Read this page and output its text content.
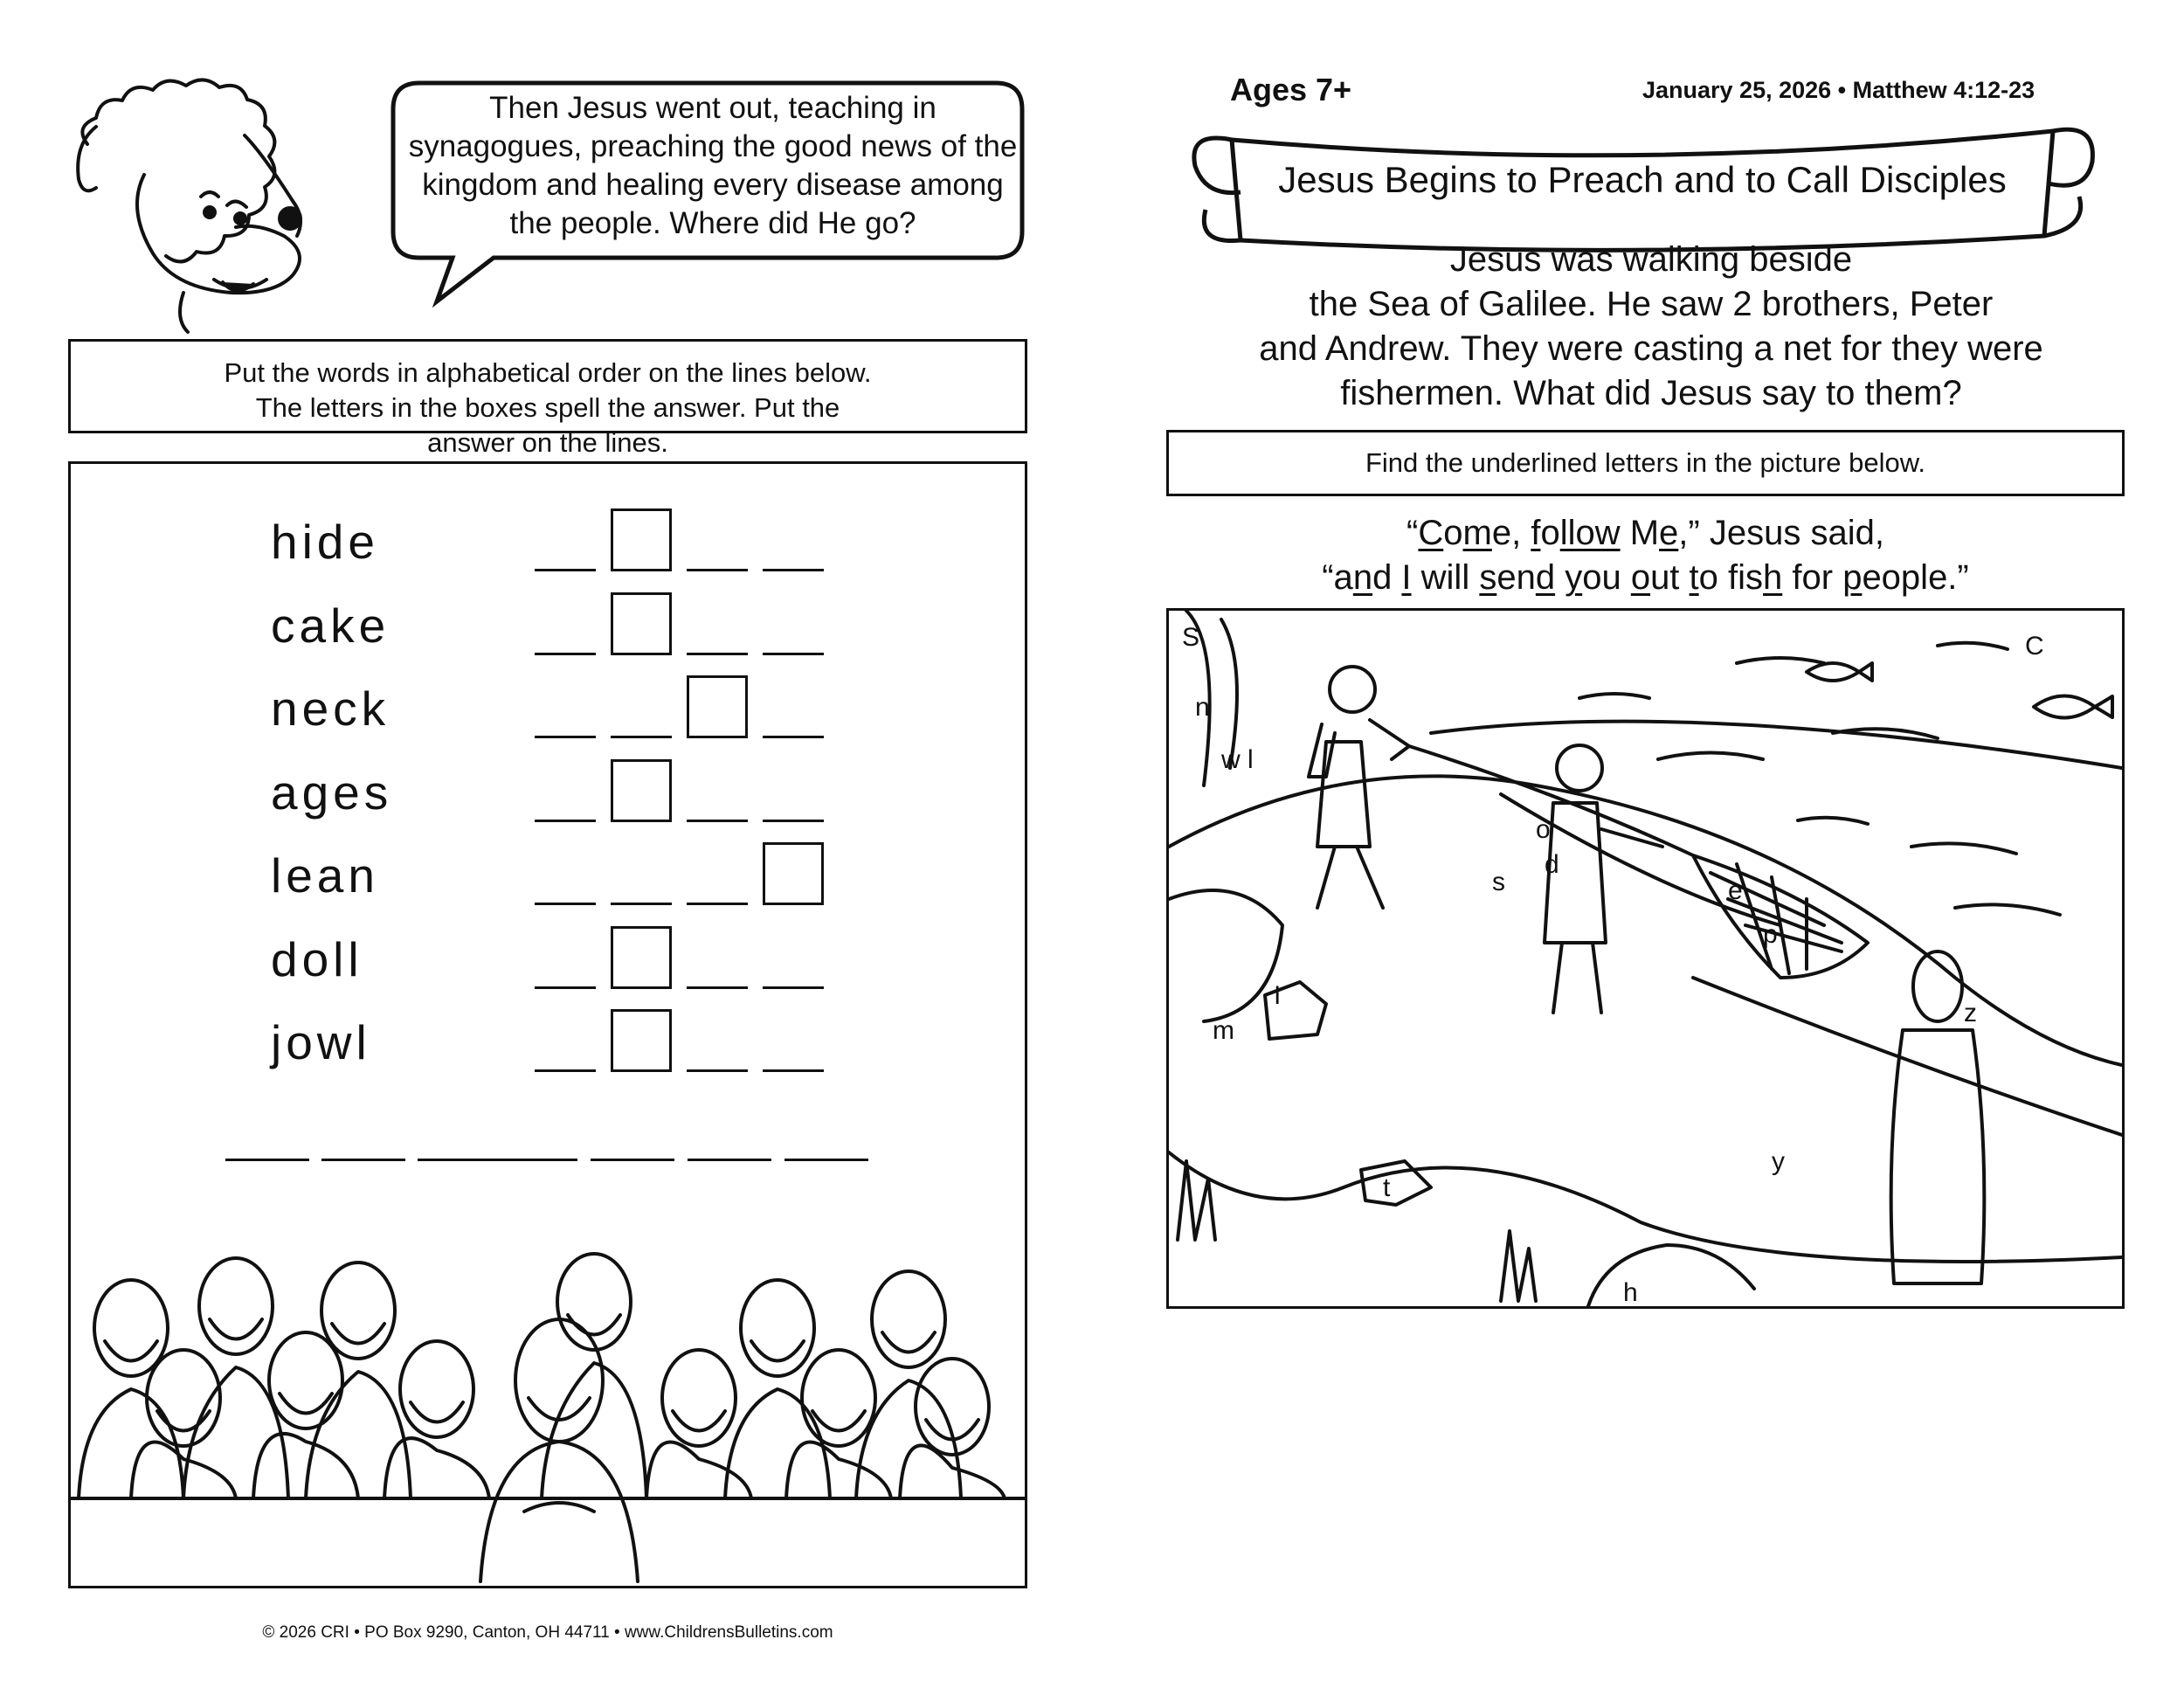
Then Jesus went out, teaching in synagogues, preaching the good news of the kingdom and healing every disease among the people. Where did He go?
Put the words in alphabetical order on the lines below. The letters in the boxes spell the answer. Put the answer on the lines.
hide
cake
neck
ages
lean
doll
jowl
© 2026 CRI • PO Box 9290, Canton, OH 44711 • www.ChildrensBulletins.com
Ages 7+	January 25, 2026 • Matthew 4:12-23
Jesus Begins to Preach and to Call Disciples
Jesus was walking beside
the Sea of Galilee. He saw 2 brothers, Peter
and Andrew. They were casting a net for they were
fishermen. What did Jesus say to them?
Find the underlined letters in the picture below.
“Come, follow Me,” Jesus said,
“and I will send you out to fish for people.”
S
n
w l
o
d
e
p
I
m
t
h
y
z
C
s
